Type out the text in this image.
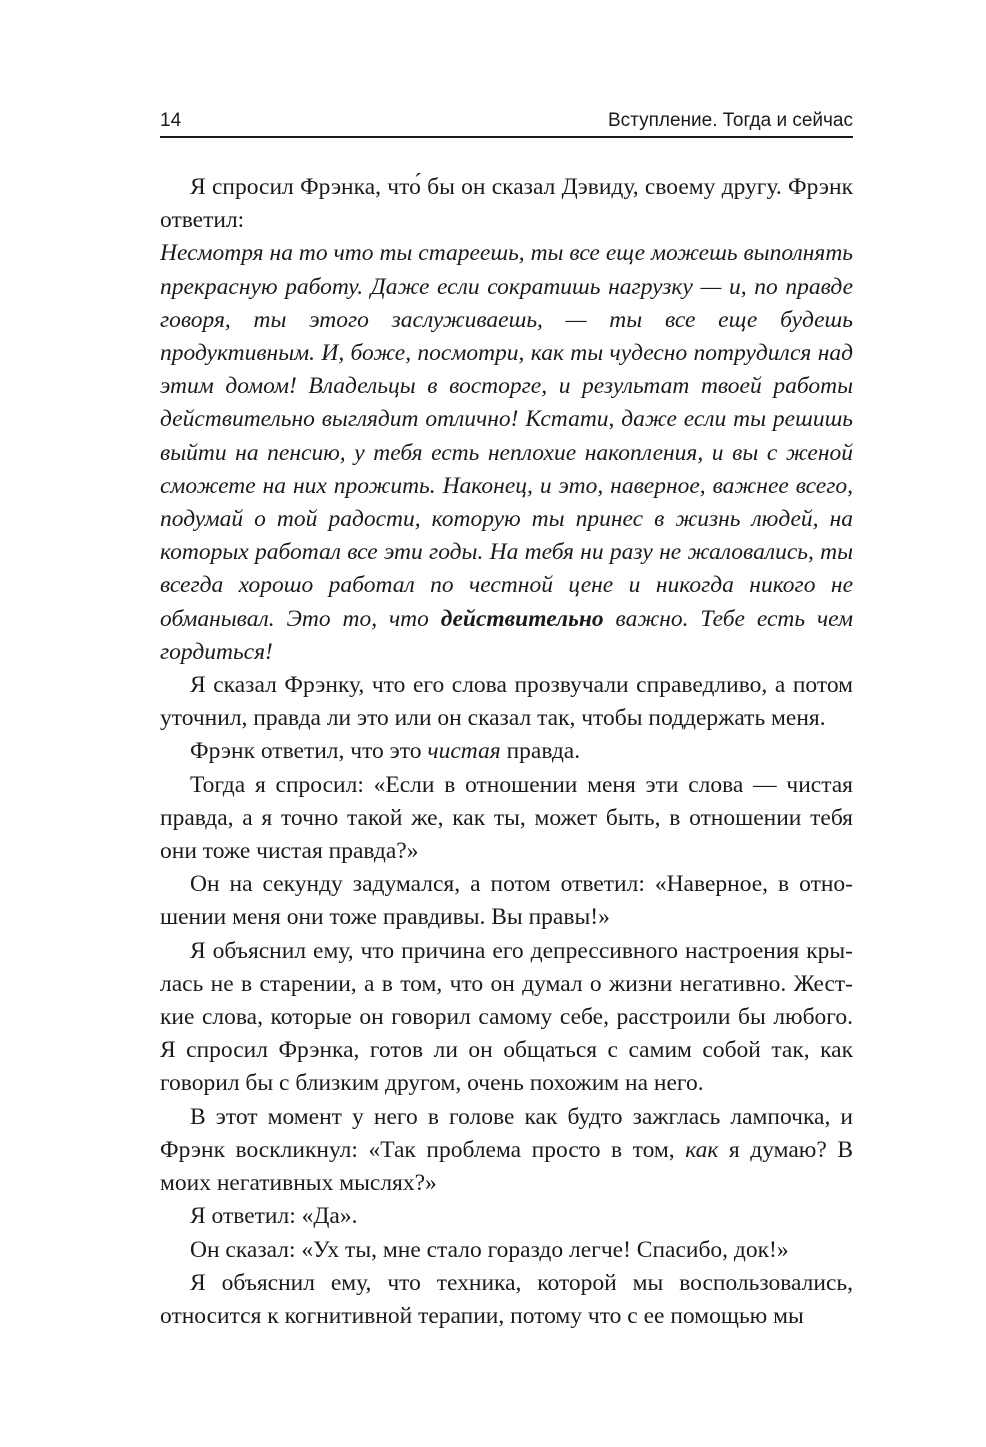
14	Вступление. Тогда и сейчас

Я спросил Фрэнка, что́ бы он сказал Дэвиду, своему другу. Фрэнк ответил:

Несмотря на то что ты стареешь, ты все еще можешь выполнять прекрасную работу. Даже если сократишь нагрузку — и, по правде говоря, ты этого заслуживаешь, — ты все еще будешь продуктивным. И, боже, посмотри, как ты чудесно потрудился над этим домом! Владельцы в восторге, и результат твоей работы действительно выглядит отлично! Кстати, даже если ты решишь выйти на пенсию, у тебя есть неплохие накопления, и вы с женой сможете на них прожить. Наконец, и это, наверное, важнее всего, подумай о той радости, которую ты принес в жизнь людей, на которых работал все эти годы. На тебя ни разу не жаловались, ты всегда хорошо работал по честной цене и никогда никого не обманывал. Это то, что действительно важно. Тебе есть чем гордиться!

Я сказал Фрэнку, что его слова прозвучали справедливо, а потом уточнил, правда ли это или он сказал так, чтобы поддержать меня.

Фрэнк ответил, что это чистая правда.

Тогда я спросил: «Если в отношении меня эти слова — чистая правда, а я точно такой же, как ты, может быть, в отношении тебя они тоже чистая правда?»

Он на секунду задумался, а потом ответил: «Наверное, в отношении меня они тоже правдивы. Вы правы!»

Я объяснил ему, что причина его депрессивного настроения крылась не в старении, а в том, что он думал о жизни негативно. Жесткие слова, которые он говорил самому себе, расстроили бы любого. Я спросил Фрэнка, готов ли он общаться с самим собой так, как говорил бы с близким другом, очень похожим на него.

В этот момент у него в голове как будто зажглась лампочка, и Фрэнк воскликнул: «Так проблема просто в том, как я думаю? В моих негативных мыслях?»

Я ответил: «Да».

Он сказал: «Ух ты, мне стало гораздо легче! Спасибо, док!»

Я объяснил ему, что техника, которой мы воспользовались, относится к когнитивной терапии, потому что с ее помощью мы
